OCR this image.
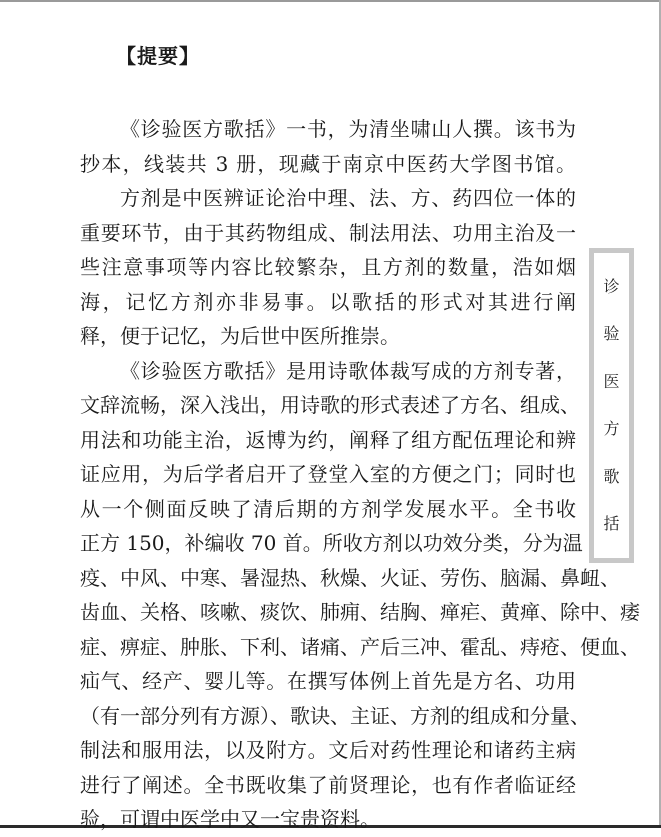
【提要】
《诊验医方歌括》一书，为清坐啸山人撰。该书为
抄本，线装共 3 册，现藏于南京中医药大学图书馆。
方剂是中医辨证论治中理、法、方、药四位一体的
重要环节，由于其药物组成、制法用法、功用主治及一
些注意事项等内容比较繁杂，且方剂的数量，浩如烟
海，记忆方剂亦非易事。以歌括的形式对其进行阐
释，便于记忆，为后世中医所推崇。
《诊验医方歌括》是用诗歌体裁写成的方剂专著，
文辞流畅，深入浅出，用诗歌的形式表述了方名、组成、
用法和功能主治，返博为约，阐释了组方配伍理论和辨
证应用，为后学者启开了登堂入室的方便之门；同时也
从一个侧面反映了清后期的方剂学发展水平。全书收
正方 150，补编收 70 首。所收方剂以功效分类，分为温
疫、中风、中寒、暑湿热、秋燥、火证、劳伤、脑漏、鼻衄、
齿血、关格、咳嗽、痰饮、肺痈、结胸、瘅疟、黄瘅、除中、痿
症、痹症、肿胀、下利、诸痛、产后三冲、霍乱、痔疮、便血、
疝气、经产、婴儿等。在撰写体例上首先是方名、功用
（有一部分列有方源）、歌诀、主证、方剂的组成和分量、
制法和服用法，以及附方。文后对药性理论和诸药主病
进行了阐述。全书既收集了前贤理论，也有作者临证经
验，可谓中医学中又一宝贵资料。
诊
验
医
方
歌
括
